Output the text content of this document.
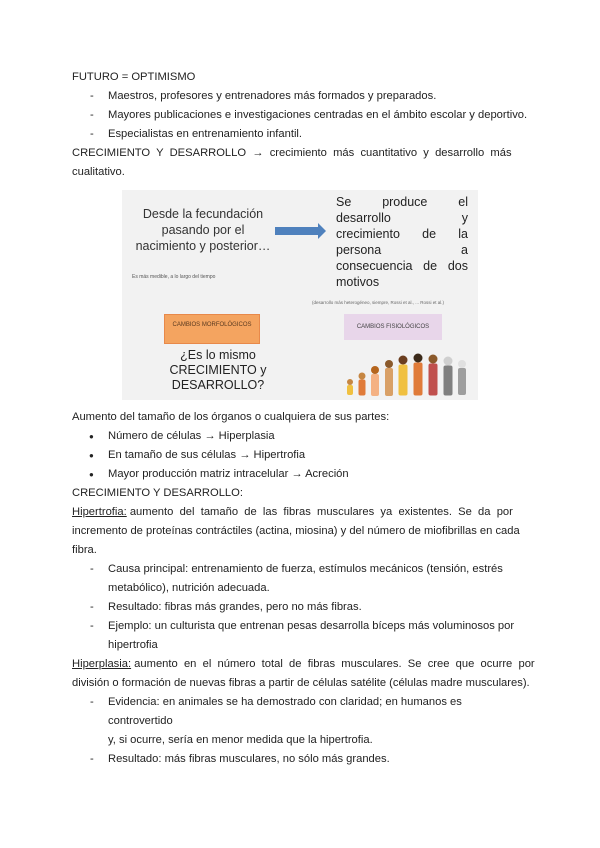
FUTURO = OPTIMISMO
- Maestros, profesores y entrenadores más formados y preparados.
- Mayores publicaciones e investigaciones centradas en el ámbito escolar y deportivo.
- Especialistas en entrenamiento infantil.
CRECIMIENTO  Y  DESARROLLO  →  crecimiento  más  cuantitativo  y  desarrollo  más
cualitativo.
Desde la fecundación pasando por el nacimiento y posterior…
Es más medible, a lo largo del tiempo
Se    produce    el
desarrollo        y
crecimiento  de  la
persona            a
consecuencia de dos
motivos
(desarrollo más heterogéneo, siempre, Rossi et al., ... Rossi et al.)
CAMBIOS MORFOLÓGICOS	CAMBIOS FISIOLÓGICOS
¿Es lo mismo CRECIMIENTO y DESARROLLO?
Aumento del tamaño de los órganos o cualquiera de sus partes:
● Número de células → Hiperplasia
● En tamaño de sus células → Hipertrofia
● Mayor producción matriz intracelular → Acreción
CRECIMIENTO Y DESARROLLO:
Hipertrofia: aumento  del  tamaño  de  las  fibras  musculares  ya  existentes.  Se  da  por
incremento de proteínas contráctiles (actina, miosina) y del número de miofibrillas en cada
fibra.
- Causa principal: entrenamiento de fuerza, estímulos mecánicos (tensión, estrés
metabólico), nutrición adecuada.
- Resultado: fibras más grandes, pero no más fibras.
- Ejemplo: un culturista que entrenan pesas desarrolla bíceps más voluminosos por
hipertrofia
Hiperplasia: aumento  en  el  número  total  de  fibras  musculares.  Se  cree  que  ocurre  por
división o formación de nuevas fibras a partir de células satélite (células madre musculares).
- Evidencia: en animales se ha demostrado con claridad; en humanos es controvertido
y, si ocurre, sería en menor medida que la hipertrofia.
- Resultado: más fibras musculares, no sólo más grandes.
